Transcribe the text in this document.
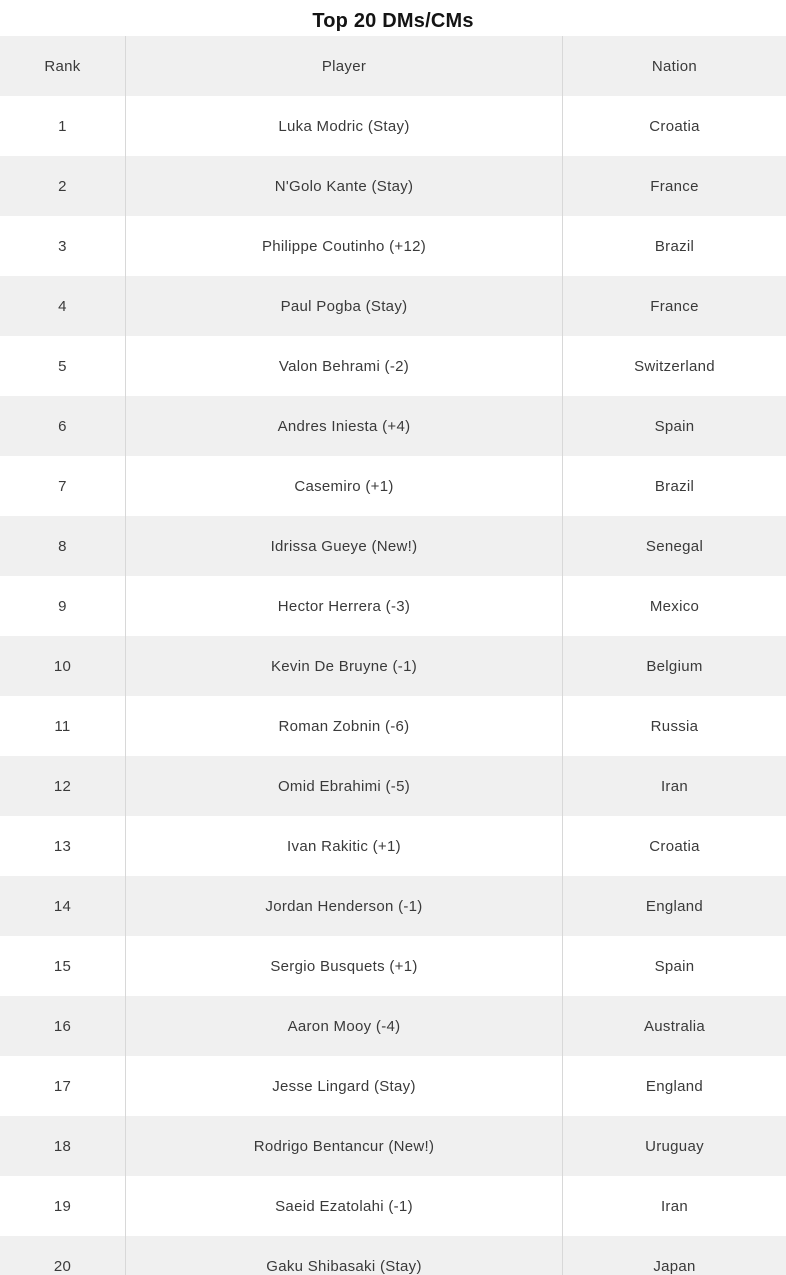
Top 20 DMs/CMs
Rank	Player	Nation
1	Luka Modric (Stay)	Croatia
2	N'Golo Kante (Stay)	France
3	Philippe Coutinho (+12)	Brazil
4	Paul Pogba (Stay)	France
5	Valon Behrami (-2)	Switzerland
6	Andres Iniesta (+4)	Spain
7	Casemiro (+1)	Brazil
8	Idrissa Gueye (New!)	Senegal
9	Hector Herrera (-3)	Mexico
10	Kevin De Bruyne (-1)	Belgium
11	Roman Zobnin (-6)	Russia
12	Omid Ebrahimi (-5)	Iran
13	Ivan Rakitic (+1)	Croatia
14	Jordan Henderson (-1)	England
15	Sergio Busquets (+1)	Spain
16	Aaron Mooy (-4)	Australia
17	Jesse Lingard (Stay)	England
18	Rodrigo Bentancur (New!)	Uruguay
19	Saeid Ezatolahi (-1)	Iran
20	Gaku Shibasaki (Stay)	Japan
